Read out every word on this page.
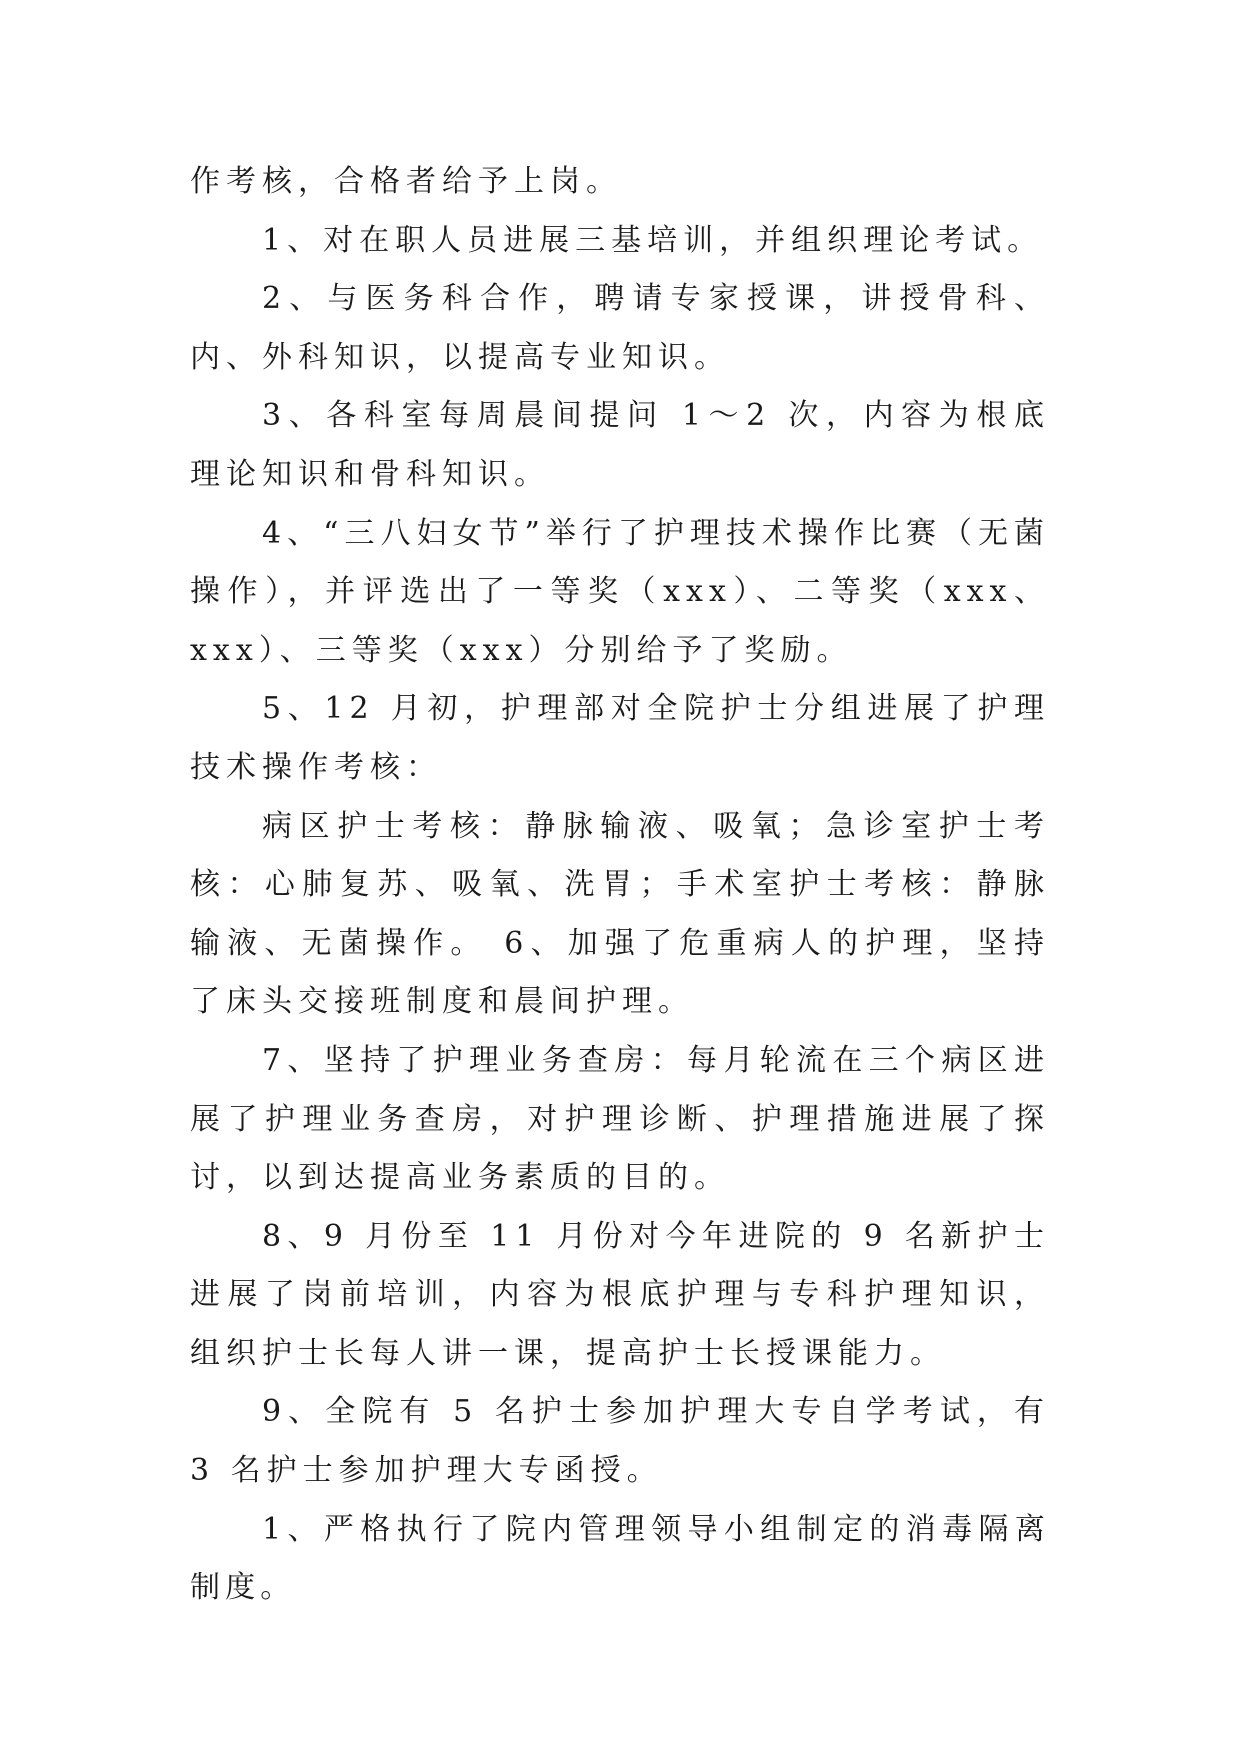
作考核，合格者给予上岗。

1、对在职人员进展三基培训，并组织理论考试。

2、与医务科合作，聘请专家授课，讲授骨科、内、外科知识，以提高专业知识。

3、各科室每周晨间提问 1～2 次，内容为根底理论知识和骨科知识。

4、“三八妇女节”举行了护理技术操作比赛（无菌操作），并评选出了一等奖（xxx）、二等奖（xxx、xxx）、三等奖（xxx）分别给予了奖励。

5、12 月初，护理部对全院护士分组进展了护理技术操作考核：

病区护士考核：静脉输液、吸氧；急诊室护士考核：心肺复苏、吸氧、洗胃；手术室护士考核：静脉输液、无菌操作。 6、加强了危重病人的护理，坚持了床头交接班制度和晨间护理。

7、坚持了护理业务查房：每月轮流在三个病区进展了护理业务查房，对护理诊断、护理措施进展了探讨，以到达提高业务素质的目的。

8、9 月份至 11 月份对今年进院的 9 名新护士进展了岗前培训，内容为根底护理与专科护理知识，组织护士长每人讲一课，提高护士长授课能力。

9、全院有 5 名护士参加护理大专自学考试，有 3 名护士参加护理大专函授。

1、严格执行了院内管理领导小组制定的消毒隔离制度。
